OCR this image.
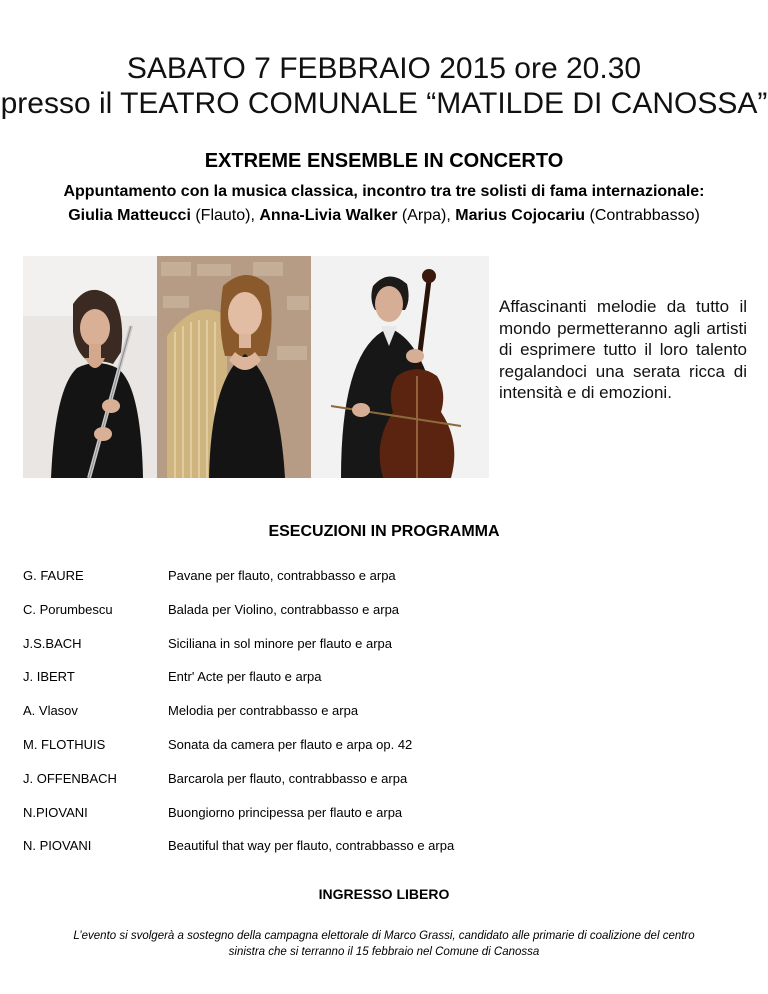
SABATO 7 FEBBRAIO 2015 ore 20.30
presso il TEATRO COMUNALE “MATILDE DI CANOSSA”
EXTREME ENSEMBLE IN CONCERTO
Appuntamento con la musica classica, incontro tra tre solisti di fama internazionale:
Giulia Matteucci (Flauto), Anna-Livia Walker (Arpa), Marius Cojocariu (Contrabbasso)
Affascinanti melodie da tutto il mondo permetteranno agli artisti di esprimere tutto il loro talento regalandoci una serata ricca di intensità e di emozioni.
ESECUZIONI IN PROGRAMMA
G. FAURE	Pavane per flauto, contrabbasso e arpa
C. Porumbescu	Balada per Violino, contrabbasso e arpa
J.S.BACH	Siciliana in sol minore per flauto e arpa
J. IBERT	Entr' Acte per flauto e arpa
A. Vlasov	Melodia per contrabbasso e arpa
M. FLOTHUIS	Sonata da camera per flauto e arpa op. 42
J. OFFENBACH	Barcarola per flauto, contrabbasso e arpa
N.PIOVANI	Buongiorno principessa per flauto e arpa
N. PIOVANI	Beautiful that way per flauto, contrabbasso e arpa
INGRESSO LIBERO
L’evento si svolgerà a sostegno della campagna elettorale di Marco Grassi, candidato alle primarie di coalizione del centro
sinistra che si terranno il 15 febbraio nel Comune di Canossa
